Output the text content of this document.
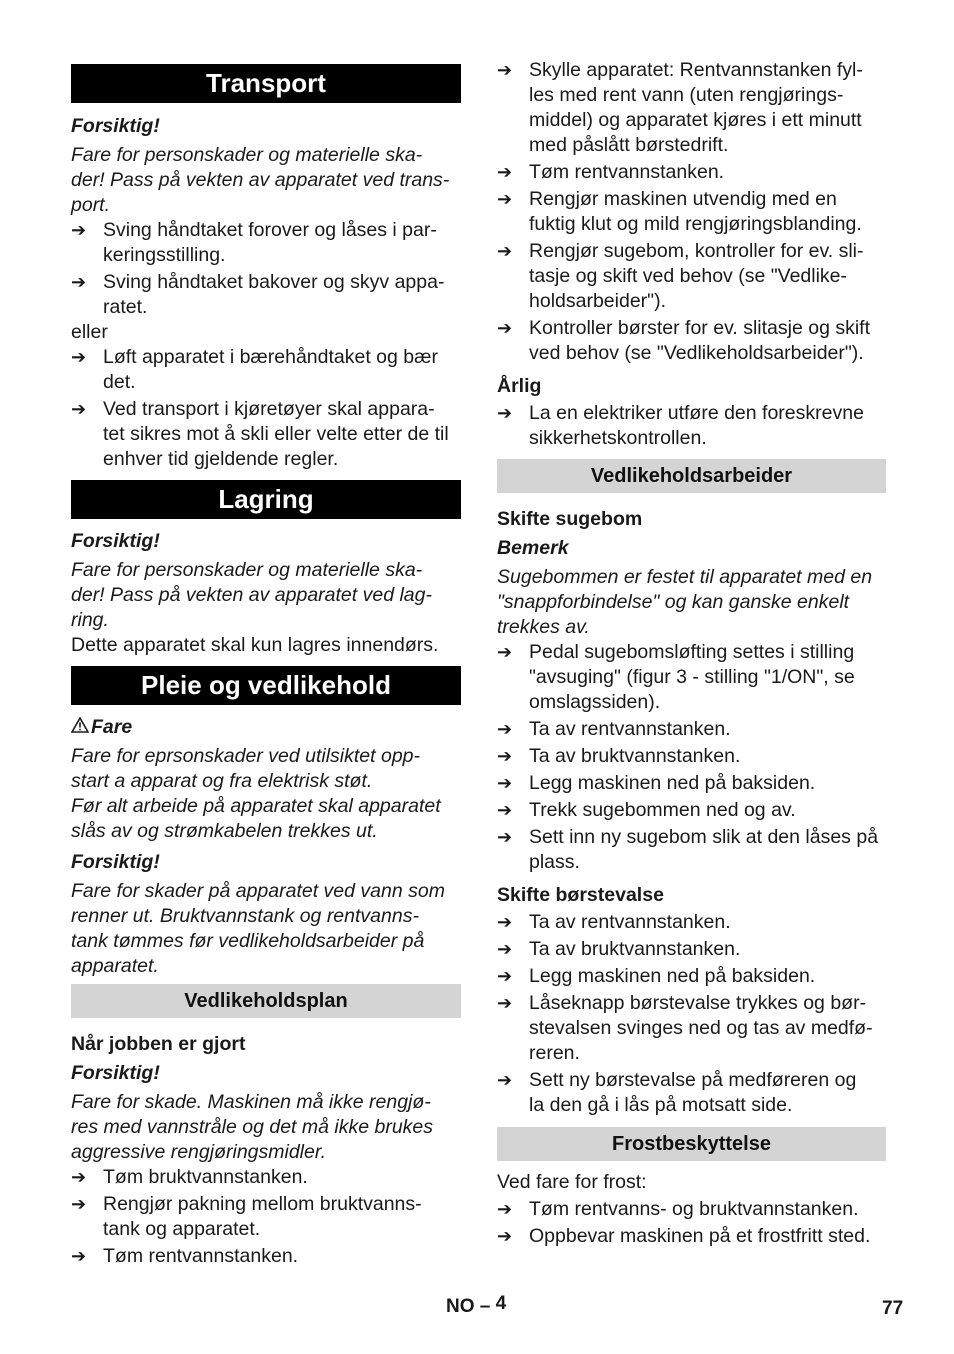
Transport
Forsiktig!
Fare for personskader og materielle ska-
der! Pass på vekten av apparatet ved trans-
port.
➔ Sving håndtaket forover og låses i par-
keringsstilling.
➔ Sving håndtaket bakover og skyv appa-
ratet.
eller
➔ Løft apparatet i bærehåndtaket og bær
det.
➔ Ved transport i kjøretøyer skal appara-
tet sikres mot å skli eller velte etter de til
enhver tid gjeldende regler.
Lagring
Forsiktig!
Fare for personskader og materielle ska-
der! Pass på vekten av apparatet ved lag-
ring.
Dette apparatet skal kun lagres innendørs.
Pleie og vedlikehold
Fare
Fare for eprsonskader ved utilsiktet opp-
start a apparat og fra elektrisk støt.
Før alt arbeide på apparatet skal apparatet
slås av og strømkabelen trekkes ut.
Forsiktig!
Fare for skader på apparatet ved vann som
renner ut. Bruktvannstank og rentvanns-
tank tømmes før vedlikeholdsarbeider på
apparatet.
Vedlikeholdsplan
Når jobben er gjort
Forsiktig!
Fare for skade. Maskinen må ikke rengjø-
res med vannstråle og det må ikke brukes
aggressive rengjøringsmidler.
➔ Tøm bruktvannstanken.
➔ Rengjør pakning mellom bruktvanns-
tank og apparatet.
➔ Tøm rentvannstanken.
➔ Skylle apparatet: Rentvannstanken fyl-
les med rent vann (uten rengjørings-
middel) og apparatet kjøres i ett minutt
med påslått børstedrift.
➔ Tøm rentvannstanken.
➔ Rengjør maskinen utvendig med en
fuktig klut og mild rengjøringsblanding.
➔ Rengjør sugebom, kontroller for ev. sli-
tasje og skift ved behov (se "Vedlike-
holdsarbeider").
➔ Kontroller børster for ev. slitasje og skift
ved behov (se "Vedlikeholdsarbeider").
Årlig
➔ La en elektriker utføre den foreskrevne
sikkerhetskontrollen.
Vedlikeholdsarbeider
Skifte sugebom
Bemerk
Sugebommen er festet til apparatet med en
"snappforbindelse" og kan ganske enkelt
trekkes av.
➔ Pedal sugebomsløfting settes i stilling
"avsuging" (figur 3 - stilling "1/ON", se
omslagssiden).
➔ Ta av rentvannstanken.
➔ Ta av bruktvannstanken.
➔ Legg maskinen ned på baksiden.
➔ Trekk sugebommen ned og av.
➔ Sett inn ny sugebom slik at den låses på
plass.
Skifte børstevalse
➔ Ta av rentvannstanken.
➔ Ta av bruktvannstanken.
➔ Legg maskinen ned på baksiden.
➔ Låseknapp børstevalse trykkes og bør-
stevalsen svinges ned og tas av medfø-
reren.
➔ Sett ny børstevalse på medføreren og
la den gå i lås på motsatt side.
Frostbeskyttelse
Ved fare for frost:
➔ Tøm rentvanns- og bruktvannstanken.
➔ Oppbevar maskinen på et frostfritt sted.
NO – 4	77
